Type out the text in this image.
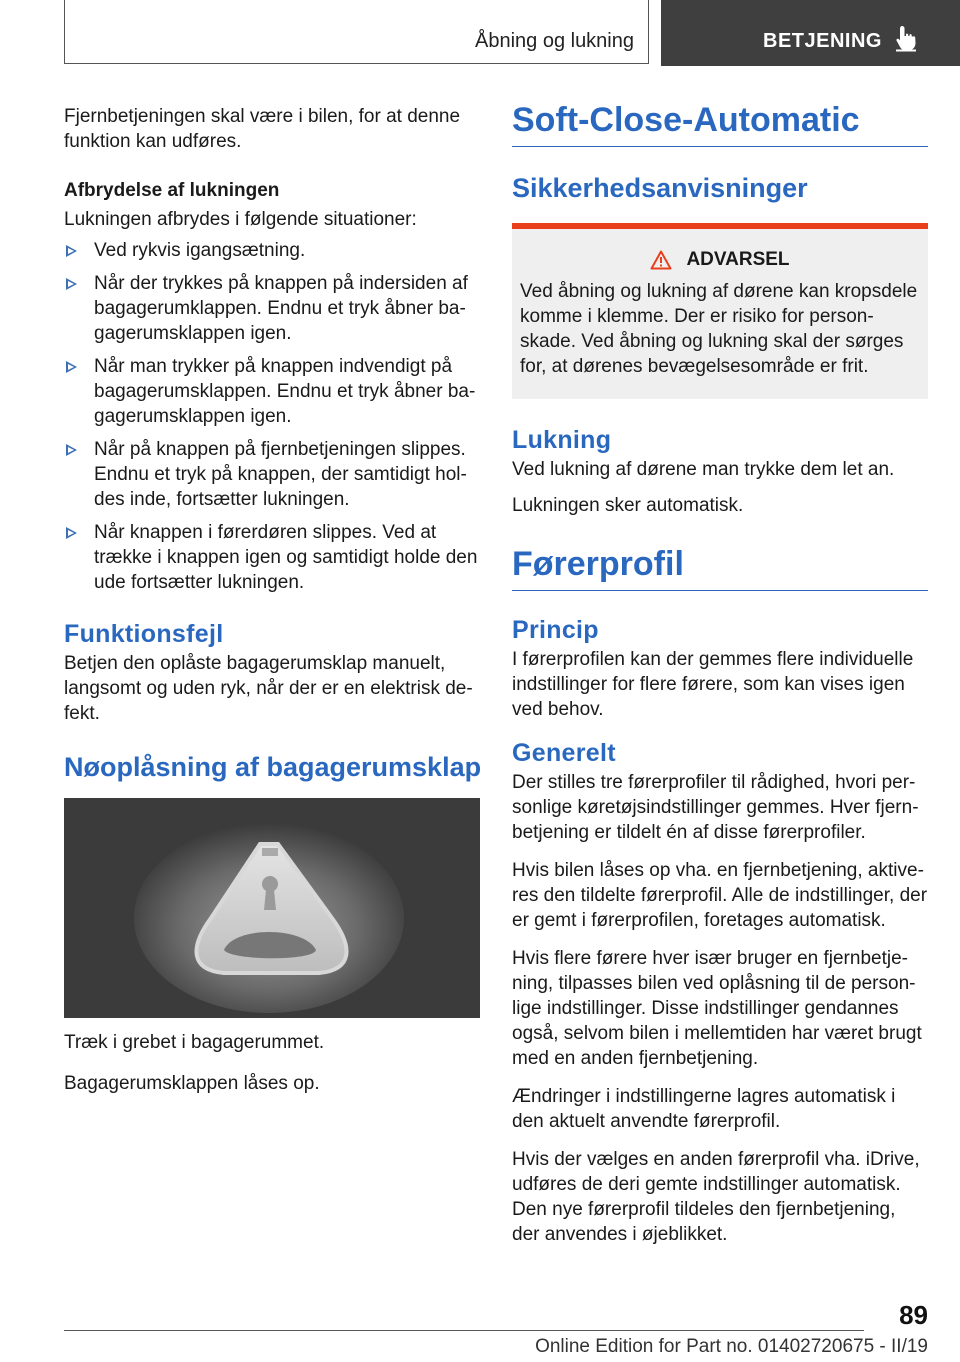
Åbning og lukning	BETJENING

Fjernbetjeningen skal være i bilen, for at denne funktion kan udføres.

Afbrydelse af lukningen

Lukningen afbrydes i følgende situationer:

Ved rykvis igangsætning.
Når der trykkes på knappen på indersiden af bagagerumklappen. Endnu et tryk åbner ba-gagerumsklappen igen.
Når man trykker på knappen indvendigt på bagagerumsklappen. Endnu et tryk åbner ba-gagerumsklappen igen.
Når på knappen på fjernbetjeningen slippes. Endnu et tryk på knappen, der samtidigt hol-des inde, fortsætter lukningen.
Når knappen i førerdøren slippes. Ved at trække i knappen igen og samtidigt holde den ude fortsætter lukningen.
Funktionsfejl

Betjen den oplåste bagagerumsklap manuelt, langsomt og uden ryk, når der er en elektrisk de-fekt.

Nøoplåsning af bagagerumsklap

Træk i grebet i bagagerummet.

Bagagerumsklappen låses op.

Soft-Close-Automatic
Sikkerhedsanvisninger
ADVARSEL

Ved åbning og lukning af dørene kan kropsdele komme i klemme. Der er risiko for person-skade. Ved åbning og lukning skal der sørges for, at dørenes bevægelsesområde er frit.

Lukning

Ved lukning af dørene man trykke dem let an.

Lukningen sker automatisk.

Førerprofil
Princip

I førerprofilen kan der gemmes flere individuelle indstillinger for flere førere, som kan vises igen ved behov.

Generelt

Der stilles tre førerprofiler til rådighed, hvori per-sonlige køretøjsindstillinger gemmes. Hver fjern-betjening er tildelt én af disse førerprofiler.

Hvis bilen låses op vha. en fjernbetjening, aktive-res den tildelte førerprofil. Alle de indstillinger, der er gemt i førerprofilen, foretages automatisk.

Hvis flere førere hver især bruger en fjernbetje-ning, tilpasses bilen ved oplåsning til de person-lige indstillinger. Disse indstillinger gendannes også, selvom bilen i mellemtiden har været brugt med en anden fjernbetjening.

Ændringer i indstillingerne lagres automatisk i den aktuelt anvendte førerprofil.

Hvis der vælges en anden førerprofil vha. iDrive, udføres de deri gemte indstillinger automatisk. Den nye førerprofil tildeles den fjernbetjening, der anvendes i øjeblikket.

89
Online Edition for Part no. 01402720675 - II/19
